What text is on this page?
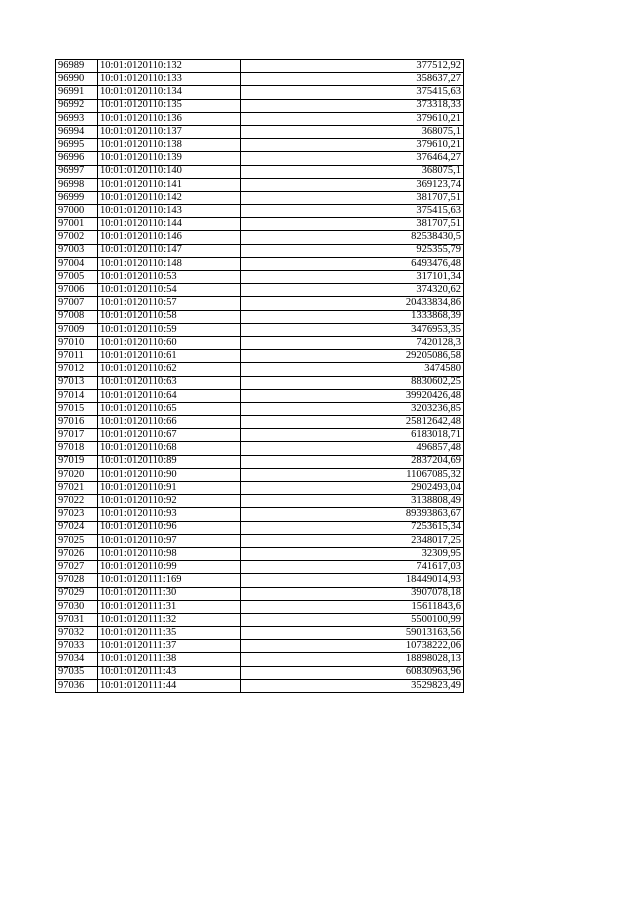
96989	10:01:0120110:132	377512,92
96990	10:01:0120110:133	358637,27
96991	10:01:0120110:134	375415,63
96992	10:01:0120110:135	373318,33
96993	10:01:0120110:136	379610,21
96994	10:01:0120110:137	368075,1
96995	10:01:0120110:138	379610,21
96996	10:01:0120110:139	376464,27
96997	10:01:0120110:140	368075,1
96998	10:01:0120110:141	369123,74
96999	10:01:0120110:142	381707,51
97000	10:01:0120110:143	375415,63
97001	10:01:0120110:144	381707,51
97002	10:01:0120110:146	82538430,5
97003	10:01:0120110:147	925355,79
97004	10:01:0120110:148	6493476,48
97005	10:01:0120110:53	317101,34
97006	10:01:0120110:54	374320,62
97007	10:01:0120110:57	20433834,86
97008	10:01:0120110:58	1333868,39
97009	10:01:0120110:59	3476953,35
97010	10:01:0120110:60	7420128,3
97011	10:01:0120110:61	29205086,58
97012	10:01:0120110:62	3474580
97013	10:01:0120110:63	8830602,25
97014	10:01:0120110:64	39920426,48
97015	10:01:0120110:65	3203236,85
97016	10:01:0120110:66	25812642,48
97017	10:01:0120110:67	6183018,71
97018	10:01:0120110:68	496857,48
97019	10:01:0120110:89	2837204,69
97020	10:01:0120110:90	11067085,32
97021	10:01:0120110:91	2902493,04
97022	10:01:0120110:92	3138808,49
97023	10:01:0120110:93	89393863,67
97024	10:01:0120110:96	7253615,34
97025	10:01:0120110:97	2348017,25
97026	10:01:0120110:98	32309,95
97027	10:01:0120110:99	741617,03
97028	10:01:0120111:169	18449014,93
97029	10:01:0120111:30	3907078,18
97030	10:01:0120111:31	15611843,6
97031	10:01:0120111:32	5500100,99
97032	10:01:0120111:35	59013163,56
97033	10:01:0120111:37	10738222,06
97034	10:01:0120111:38	18898028,13
97035	10:01:0120111:43	60830963,96
97036	10:01:0120111:44	3529823,49
